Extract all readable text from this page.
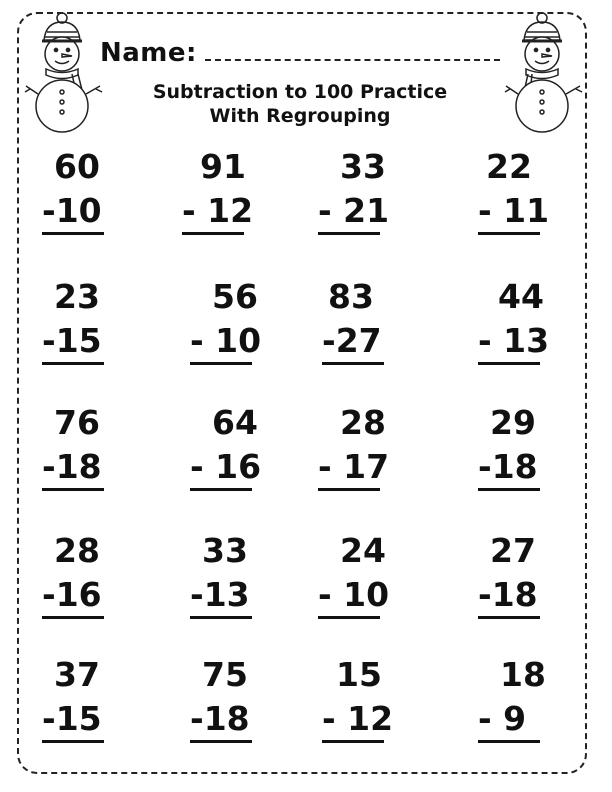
Name:
Subtraction to 100 Practice
With Regrouping
60
-10
91
- 12
33
- 21
22
- 11
23
-15
56
- 10
83
-27
44
- 13
76
-18
64
- 16
28
- 17
29
-18
28
-16
33
-13
24
- 10
27
-18
37
-15
75
-18
15
- 12
18
- 9
